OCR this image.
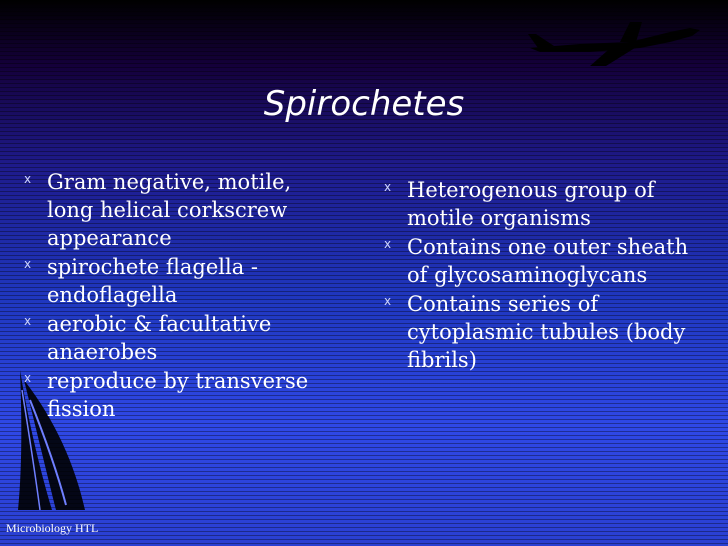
Spirochetes
x Gram negative, motile, long helical corkscrew appearance
x spirochete flagella - endoflagella
x aerobic & facultative anaerobes
x reproduce by transverse fission
x Heterogenous group of motile organisms
x Contains one outer sheath of glycosaminoglycans
x Contains series of cytoplasmic tubules (body fibrils)
Microbiology HTL
